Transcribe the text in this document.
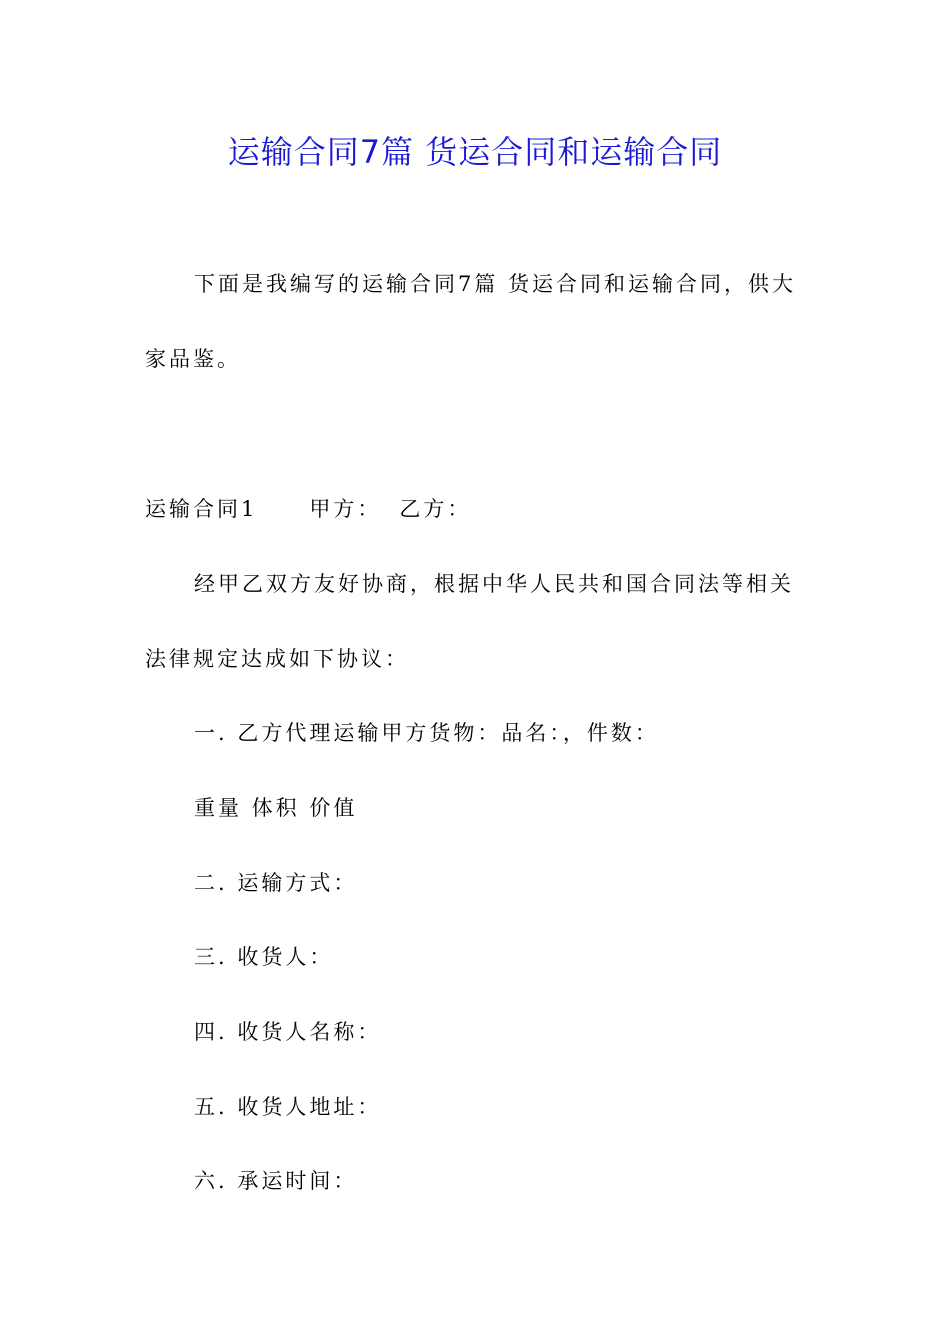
运输合同7篇 货运合同和运输合同
下面是我编写的运输合同7篇 货运合同和运输合同，供大
家品鉴。
运输合同1 甲方： 乙方：
经甲乙双方友好协商，根据中华人民共和国合同法等相关
法律规定达成如下协议：
一. 乙方代理运输甲方货物：品名：，件数：
重量 体积 价值
二. 运输方式：
三. 收货人：
四. 收货人名称：
五. 收货人地址：
六. 承运时间：
